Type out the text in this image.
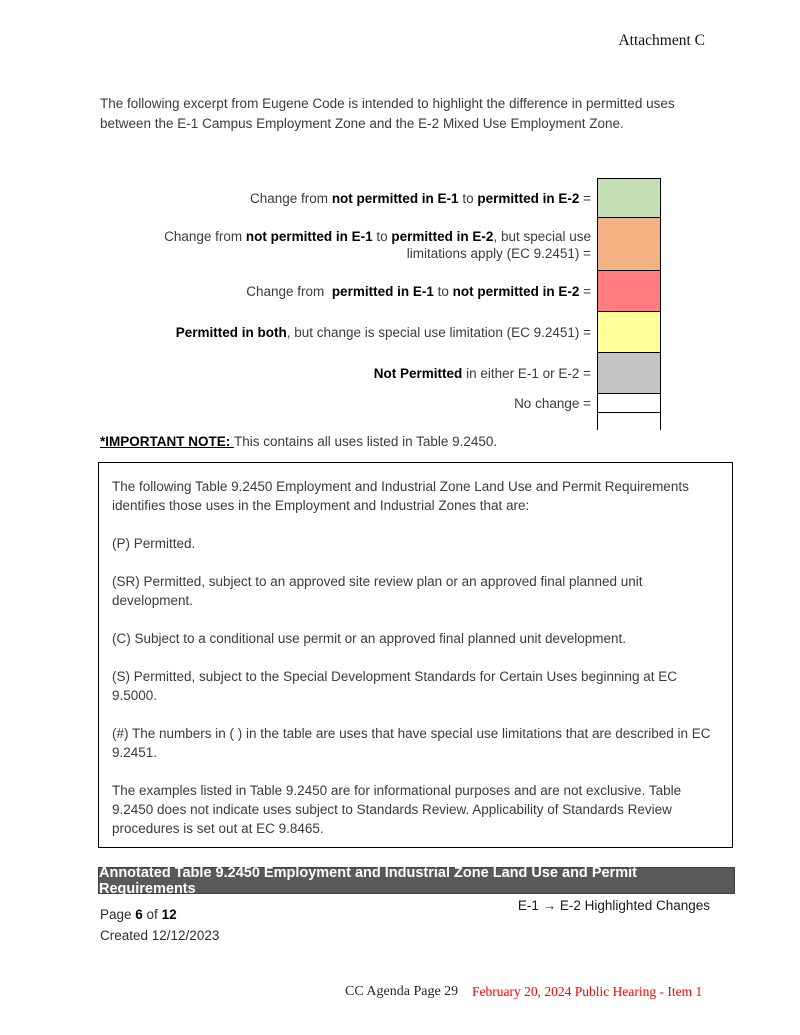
Attachment C
The following excerpt from Eugene Code is intended to highlight the difference in permitted uses between the E-1 Campus Employment Zone and the E-2 Mixed Use Employment Zone.
Change from not permitted in E-1 to permitted in E-2 =
Change from not permitted in E-1 to permitted in E-2, but special use limitations apply (EC 9.2451) =
Change from  permitted in E-1 to not permitted in E-2 =
Permitted in both, but change is special use limitation (EC 9.2451) =
Not Permitted in either E-1 or E-2 =
No change =
*IMPORTANT NOTE: This contains all uses listed in Table 9.2450.

The following Table 9.2450 Employment and Industrial Zone Land Use and Permit Requirements identifies those uses in the Employment and Industrial Zones that are:

(P) Permitted.

(SR) Permitted, subject to an approved site review plan or an approved final planned unit development.

(C) Subject to a conditional use permit or an approved final planned unit development.

(S) Permitted, subject to the Special Development Standards for Certain Uses beginning at EC 9.5000.

(#) The numbers in ( ) in the table are uses that have special use limitations that are described in EC 9.2451.

The examples listed in Table 9.2450 are for informational purposes and are not exclusive. Table 9.2450 does not indicate uses subject to Standards Review. Applicability of Standards Review procedures is set out at EC 9.8465.

Annotated Table 9.2450 Employment and Industrial Zone Land Use and Permit Requirements
E-1 → E-2 Highlighted Changes
Page 6 of 12
Created 12/12/2023
CC Agenda Page 29 February 20, 2024 Public Hearing - Item 1
